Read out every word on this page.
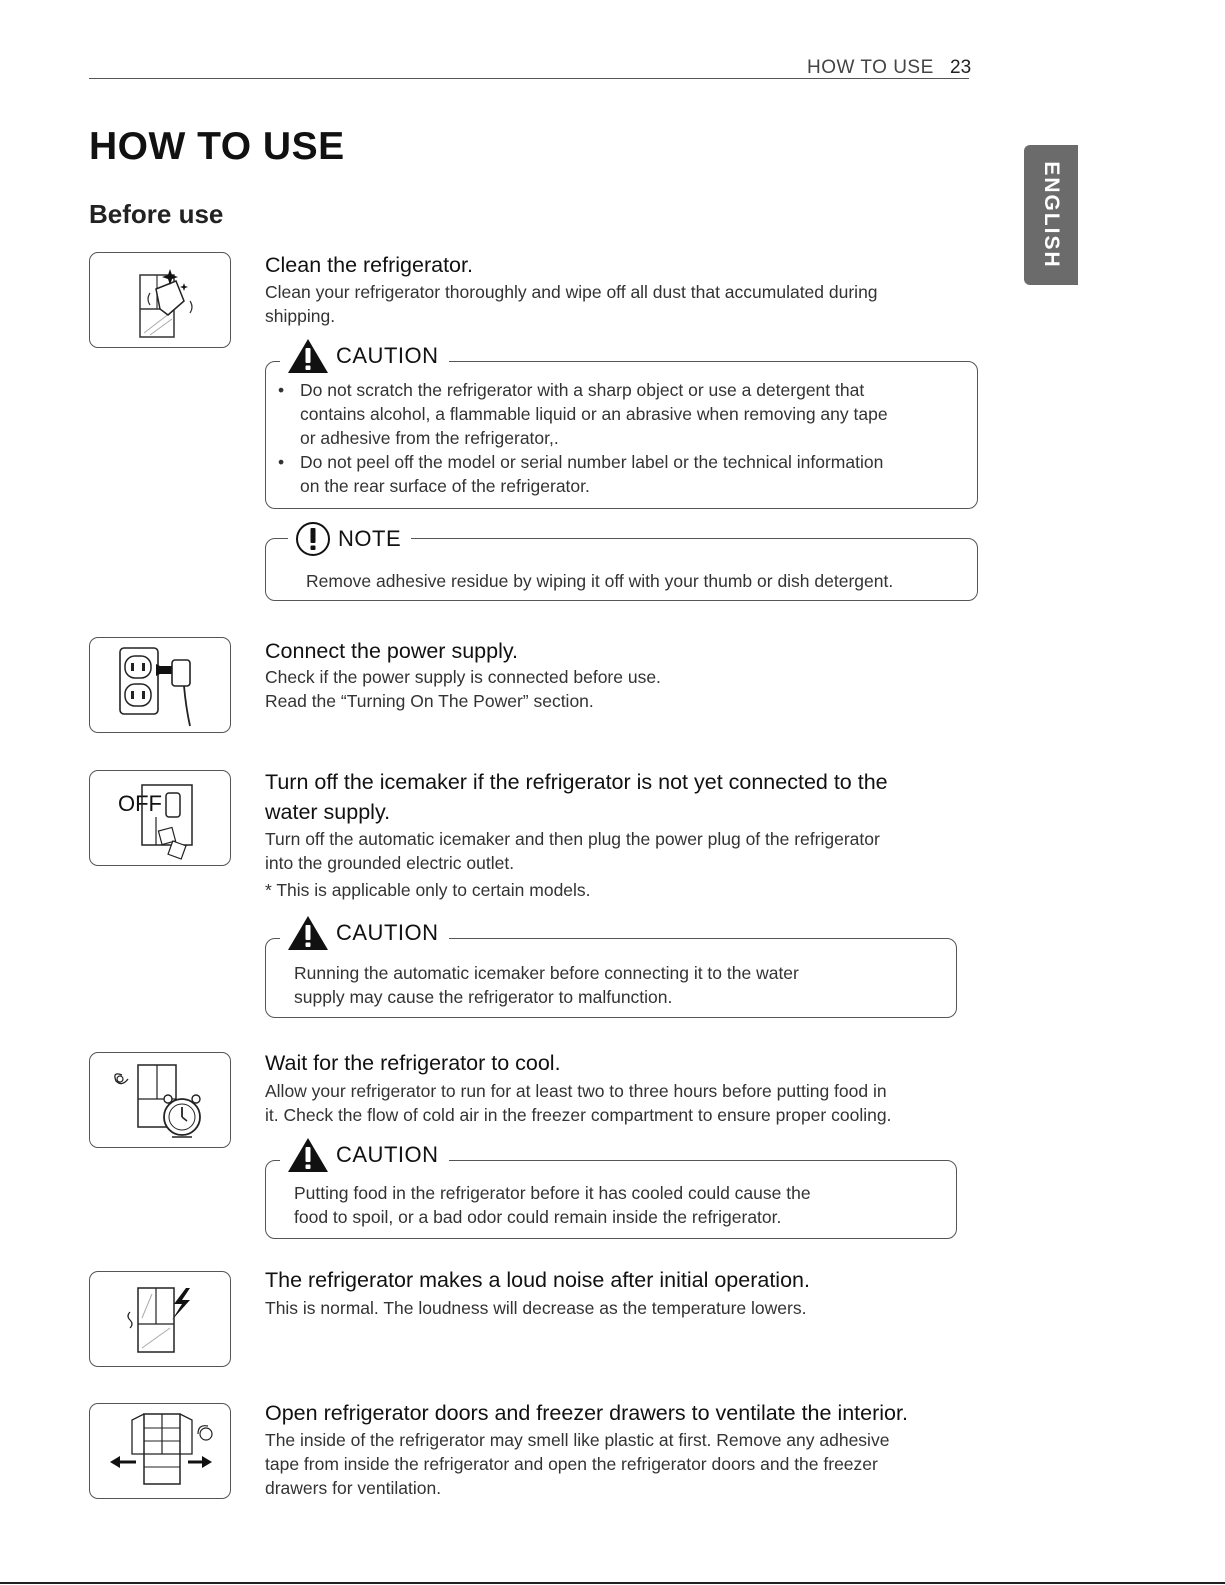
HOW TO USE 23
ENGLISH
HOW TO USE
Before use
Clean the refrigerator.
Clean your refrigerator thoroughly and wipe off all dust that accumulated during
shipping.
CAUTION
• Do not scratch the refrigerator with a sharp object or use a detergent that
contains alcohol, a flammable liquid or an abrasive when removing any tape
or adhesive from the refrigerator,.
• Do not peel off the model or serial number label or the technical information
on the rear surface of the refrigerator.
NOTE
Remove adhesive residue by wiping it off with your thumb or dish detergent.
Connect the power supply.
Check if the power supply is connected before use.
Read the “Turning On The Power” section.
OFF
Turn off the icemaker if the refrigerator is not yet connected to the
water supply.
Turn off the automatic icemaker and then plug the power plug of the refrigerator
into the grounded electric outlet.
* This is applicable only to certain models.
CAUTION
Running the automatic icemaker before connecting it to the water
supply may cause the refrigerator to malfunction.
Wait for the refrigerator to cool.
Allow your refrigerator to run for at least two to three hours before putting food in
it. Check the flow of cold air in the freezer compartment to ensure proper cooling.
CAUTION
Putting food in the refrigerator before it has cooled could cause the
food to spoil, or a bad odor could remain inside the refrigerator.
The refrigerator makes a loud noise after initial operation.
This is normal. The loudness will decrease as the temperature lowers.
Open refrigerator doors and freezer drawers to ventilate the interior.
The inside of the refrigerator may smell like plastic at first. Remove any adhesive
tape from inside the refrigerator and open the refrigerator doors and the freezer
drawers for ventilation.
